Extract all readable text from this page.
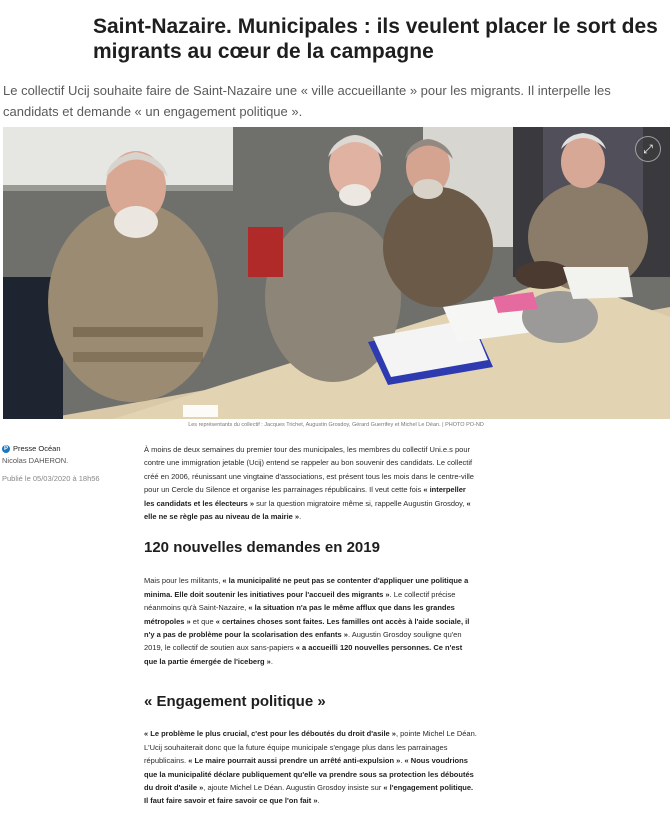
Saint-Nazaire. Municipales : ils veulent placer le sort des migrants au cœur de la campagne
Le collectif Ucij souhaite faire de Saint-Nazaire une « ville accueillante » pour les migrants. Il interpelle les candidats et demande « un engagement politique ».
⤢
Les représentants du collectif : Jacques Trichet, Augustin Grosdoy, Gérard Guerrifey et Michel Le Déan. | PHOTO PO-ND
P Presse Océan
Nicolas DAHERON.
Publié le 05/03/2020 à 18h56

À moins de deux semaines du premier tour des municipales, les membres du collectif Uni.e.s pour contre une immigration jetable (Ucij) entend se rappeler au bon souvenir des candidats. Le collectif créé en 2006, réunissant une vingtaine d'associations, est présent tous les mois dans le centre-ville pour un Cercle du Silence et organise les parrainages républicains. Il veut cette fois « interpeller les candidats et les électeurs » sur la question migratoire même si, rappelle Augustin Grosdoy, « elle ne se règle pas au niveau de la mairie ».

120 nouvelles demandes en 2019

Mais pour les militants, « la municipalité ne peut pas se contenter d'appliquer une politique a minima. Elle doit soutenir les initiatives pour l'accueil des migrants ». Le collectif précise néanmoins qu'à Saint-Nazaire, « la situation n'a pas le même afflux que dans les grandes métropoles » et que « certaines choses sont faites. Les familles ont accès à l'aide sociale, il n'y a pas de problème pour la scolarisation des enfants ». Augustin Grosdoy souligne qu'en 2019, le collectif de soutien aux sans-papiers « a accueilli 120 nouvelles personnes. Ce n'est que la partie émergée de l'iceberg ».

« Engagement politique »

« Le problème le plus crucial, c'est pour les déboutés du droit d'asile », pointe Michel Le Déan. L'Ucij souhaiterait donc que la future équipe municipale s'engage plus dans les parrainages républicains. « Le maire pourrait aussi prendre un arrêté anti-expulsion ». « Nous voudrions que la municipalité déclare publiquement qu'elle va prendre sous sa protection les déboutés du droit d'asile », ajoute Michel Le Déan. Augustin Grosdoy insiste sur « l'engagement politique. Il faut faire savoir et faire savoir ce que l'on fait ».
